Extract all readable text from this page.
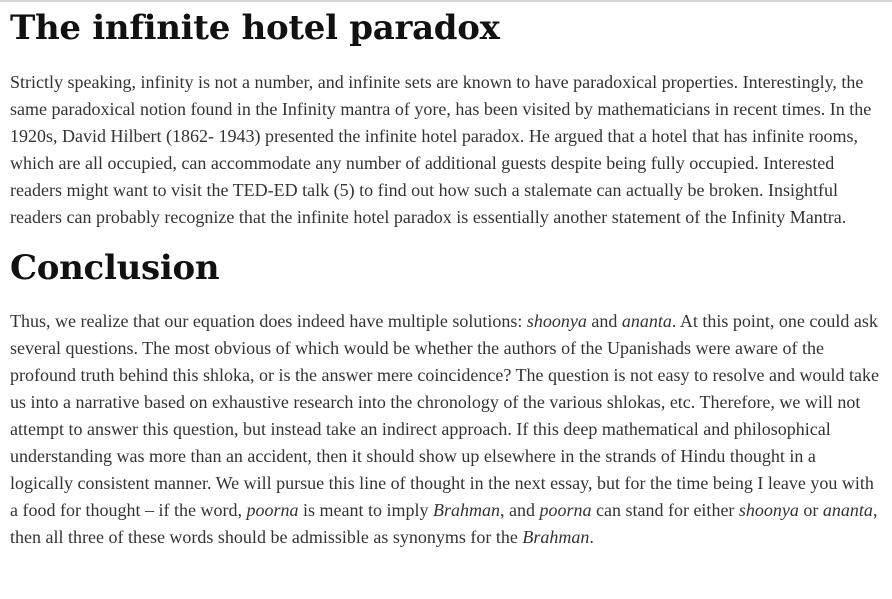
The infinite hotel paradox

Strictly speaking, infinity is not a number, and infinite sets are known to have paradoxical properties. Interestingly, the same paradoxical notion found in the Infinity mantra of yore, has been visited by mathematicians in recent times. In the 1920s, David Hilbert (1862- 1943) presented the infinite hotel paradox. He argued that a hotel that has infinite rooms, which are all occupied, can accommodate any number of additional guests despite being fully occupied. Interested readers might want to visit the TED-ED talk (5) to find out how such a stalemate can actually be broken. Insightful readers can probably recognize that the infinite hotel paradox is essentially another statement of the Infinity Mantra.

Conclusion

Thus, we realize that our equation does indeed have multiple solutions: shoonya and ananta. At this point, one could ask several questions. The most obvious of which would be whether the authors of the Upanishads were aware of the profound truth behind this shloka, or is the answer mere coincidence? The question is not easy to resolve and would take us into a narrative based on exhaustive research into the chronology of the various shlokas, etc. Therefore, we will not attempt to answer this question, but instead take an indirect approach. If this deep mathematical and philosophical understanding was more than an accident, then it should show up elsewhere in the strands of Hindu thought in a logically consistent manner. We will pursue this line of thought in the next essay, but for the time being I leave you with a food for thought – if the word, poorna is meant to imply Brahman, and poorna can stand for either shoonya or ananta, then all three of these words should be admissible as synonyms for the Brahman.
